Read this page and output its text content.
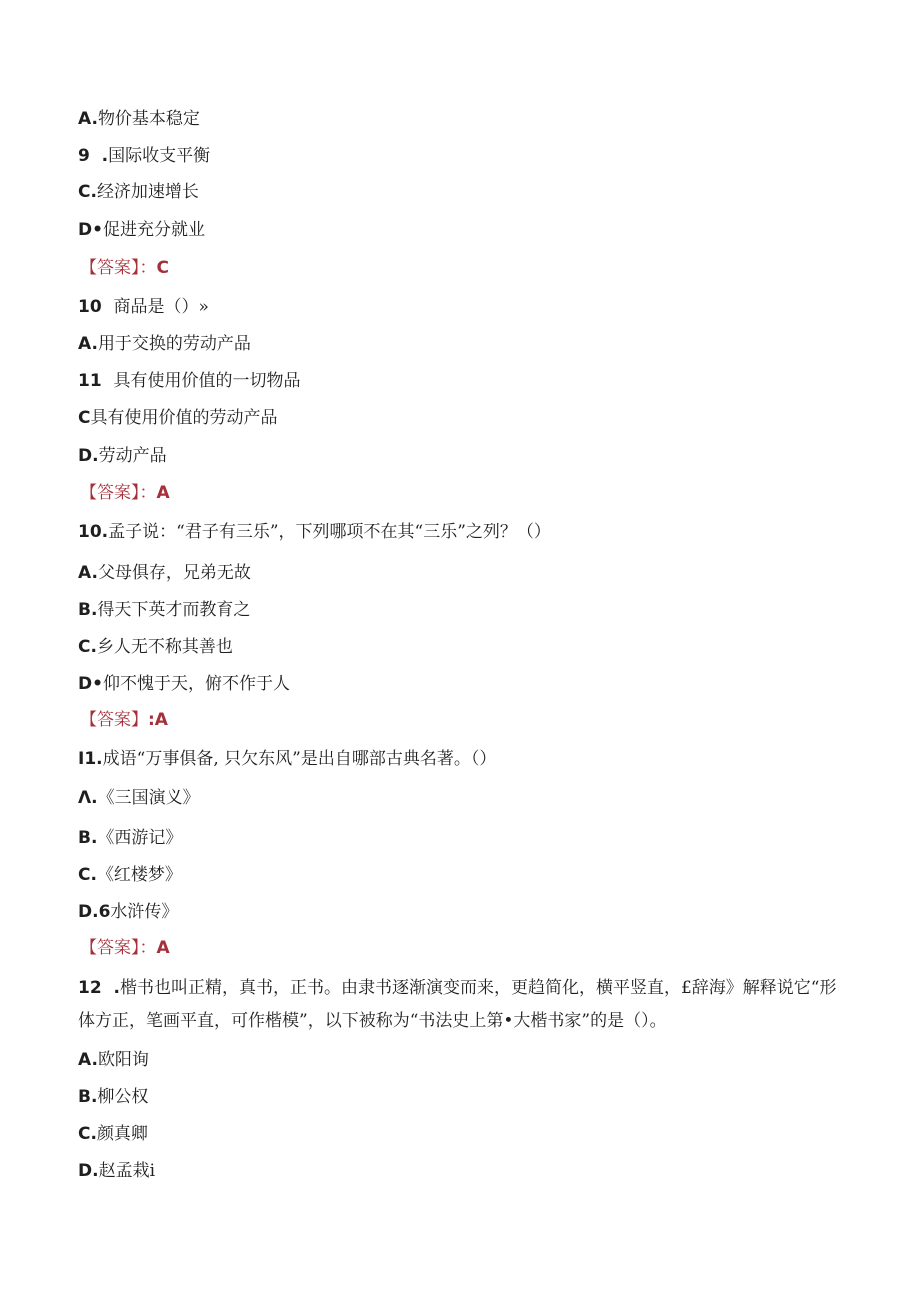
A.物价基本稳定
9  .国际收支平衡
C.经济加速增长
D•促进充分就业
【答案】：C
10  商品是（）»
A.用于交换的劳动产品
11  具有使用价值的一切物品
C具有使用价值的劳动产品
D.劳动产品
【答案】：A
10.孟子说：“君子有三乐”，下列哪项不在其“三乐”之列？（）
A.父母俱存，兄弟无故
B.得天下英才而教育之
C.乡人无不称其善也
D•仰不愧于天，俯不作于人
【答案】:A
I1.成语“万事俱备, 只欠东风”是出自哪部古典名著。（）
Λ.《三国演义》
B.《西游记》
C.《红楼梦》
D.6水浒传》
【答案】：A
12  .楷书也叫正精，真书，正书。由隶书逐渐演变而来，更趋简化，横平竖直，£辞海》解释说它“形体方正，笔画平直，可作楷模”，以下被称为“书法史上第•大楷书家”的是（）。
A.欧阳询
B.柳公权
C.颜真卿
D.赵孟栽i
